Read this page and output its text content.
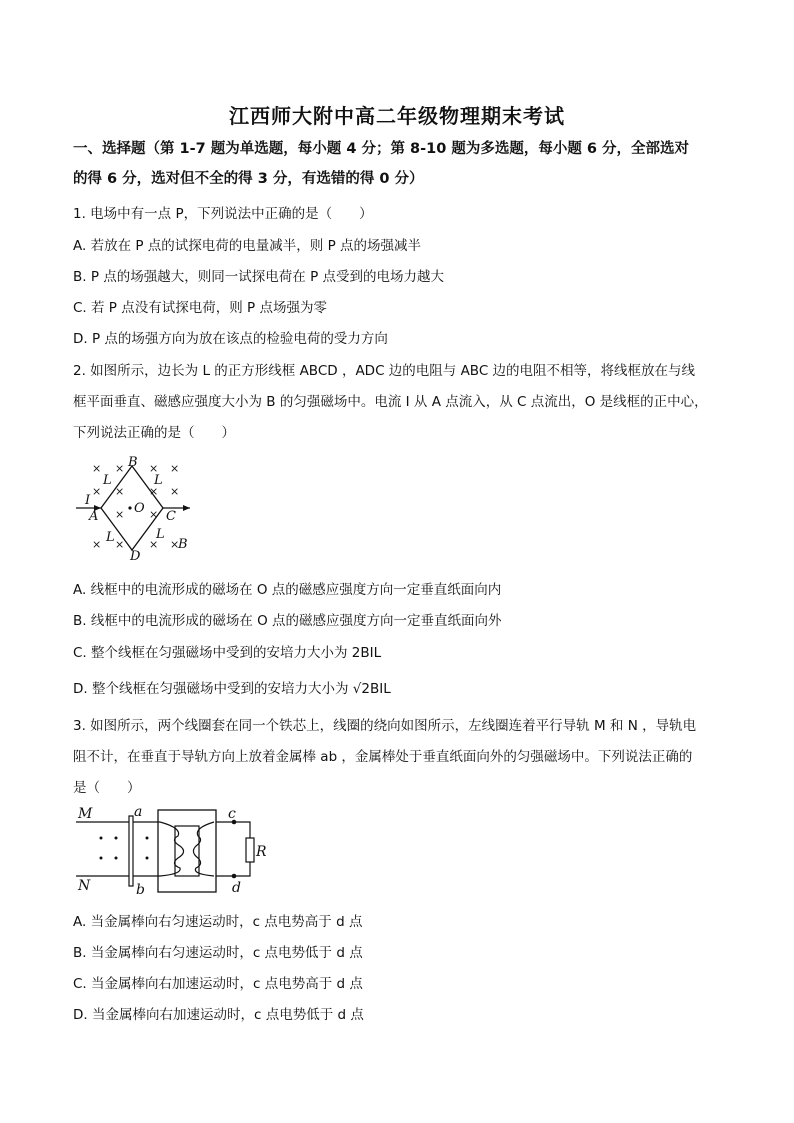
江西师大附中高二年级物理期末考试
一、选择题（第 1-7 题为单选题，每小题 4 分；第 8-10 题为多选题，每小题 6 分，全部选对
的得 6 分，选对但不全的得 3 分，有选错的得 0 分）
1. 电场中有一点 P，下列说法中正确的是（　　）
A. 若放在 P 点的试探电荷的电量减半，则 P 点的场强减半
B. P 点的场强越大，则同一试探电荷在 P 点受到的电场力越大
C. 若 P 点没有试探电荷，则 P 点场强为零
D. P 点的场强方向为放在该点的检验电荷的受力方向
2. 如图所示，边长为 L 的正方形线框 ABCD ，ADC 边的电阻与 ABC 边的电阻不相等，将线框放在与线
框平面垂直、磁感应强度大小为 B 的匀强磁场中。电流 I 从 A 点流入，从 C 点流出，O 是线框的正中心，
下列说法正确的是（　　）
× × × ×
× × × ×
× ×
× × × ×
B
O
I
A	C
D
B
L	L
L	L
A. 线框中的电流形成的磁场在 O 点的磁感应强度方向一定垂直纸面向内
B. 线框中的电流形成的磁场在 O 点的磁感应强度方向一定垂直纸面向外
C. 整个线框在匀强磁场中受到的安培力大小为 2BIL
D. 整个线框在匀强磁场中受到的安培力大小为 √2BIL
3. 如图所示，两个线圈套在同一个铁芯上，线圈的绕向如图所示，左线圈连着平行导轨 M 和 N ，导轨电
阻不计，在垂直于导轨方向上放着金属棒 ab ，金属棒处于垂直纸面向外的匀强磁场中。下列说法正确的
是（　　）
M
N
a
b
c
d
R
A. 当金属棒向右匀速运动时，c 点电势高于 d 点
B. 当金属棒向右匀速运动时，c 点电势低于 d 点
C. 当金属棒向右加速运动时，c 点电势高于 d 点
D. 当金属棒向右加速运动时，c 点电势低于 d 点
